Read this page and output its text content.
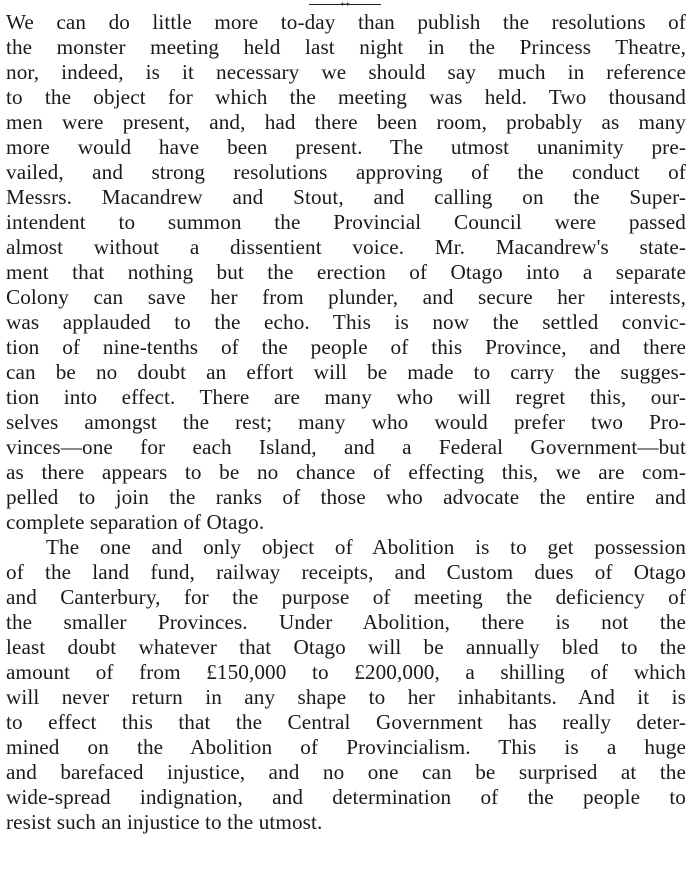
++
We can do little more to-day than publish the resolutions of
the monster meeting held last night in the Princess Theatre,
nor, indeed, is it necessary we should say much in reference
to the object for which the meeting was held. Two thousand
men were present, and, had there been room, probably as many
more would have been present. The utmost unanimity pre-
vailed, and strong resolutions approving of the conduct of
Messrs. Macandrew and Stout, and calling on the Super-
intendent to summon the Provincial Council were passed
almost without a dissentient voice. Mr. Macandrew's state-
ment that nothing but the erection of Otago into a separate
Colony can save her from plunder, and secure her interests,
was applauded to the echo. This is now the settled convic-
tion of nine-tenths of the people of this Province, and there
can be no doubt an effort will be made to carry the sugges-
tion into effect. There are many who will regret this, our-
selves amongst the rest; many who would prefer two Pro-
vinces—one for each Island, and a Federal Government—but
as there appears to be no chance of effecting this, we are com-
pelled to join the ranks of those who advocate the entire and
complete separation of Otago.
The one and only object of Abolition is to get possession
of the land fund, railway receipts, and Custom dues of Otago
and Canterbury, for the purpose of meeting the deficiency of
the smaller Provinces. Under Abolition, there is not the
least doubt whatever that Otago will be annually bled to the
amount of from £150,000 to £200,000, a shilling of which
will never return in any shape to her inhabitants. And it is
to effect this that the Central Government has really deter-
mined on the Abolition of Provincialism. This is a huge
and barefaced injustice, and no one can be surprised at the
wide-spread indignation, and determination of the people to
resist such an injustice to the utmost.
